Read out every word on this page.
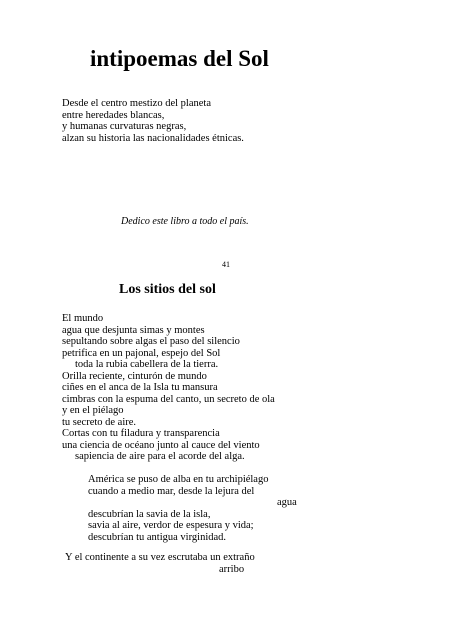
intipoemas del Sol
Desde el centro mestizo del planeta
entre heredades blancas,
y humanas curvaturas negras,
alzan su historia las nacionalidades étnicas.
Dedico este libro a todo el país.
41
Los sitios del sol
El mundo
agua que desjunta simas y montes
sepultando sobre algas el paso del silencio
petrifica en un pajonal, espejo del Sol
toda la rubia cabellera de la tierra.
Orilla reciente, cinturón de mundo
ciñes en el anca de la Isla tu mansura
cimbras con la espuma del canto, un secreto de ola
y en el piélago
tu secreto de aire.
Cortas con tu filadura y transparencia
una ciencia de océano junto al cauce del viento
sapiencia de aire para el acorde del alga.
América se puso de alba en tu archipiélago
cuando a medio mar, desde la lejura del
agua
descubrían la savia de la isla,
savia al aire, verdor de espesura y vida;
descubrían tu antigua virginidad.
Y el continente a su vez escrutaba un extraño
arribo
